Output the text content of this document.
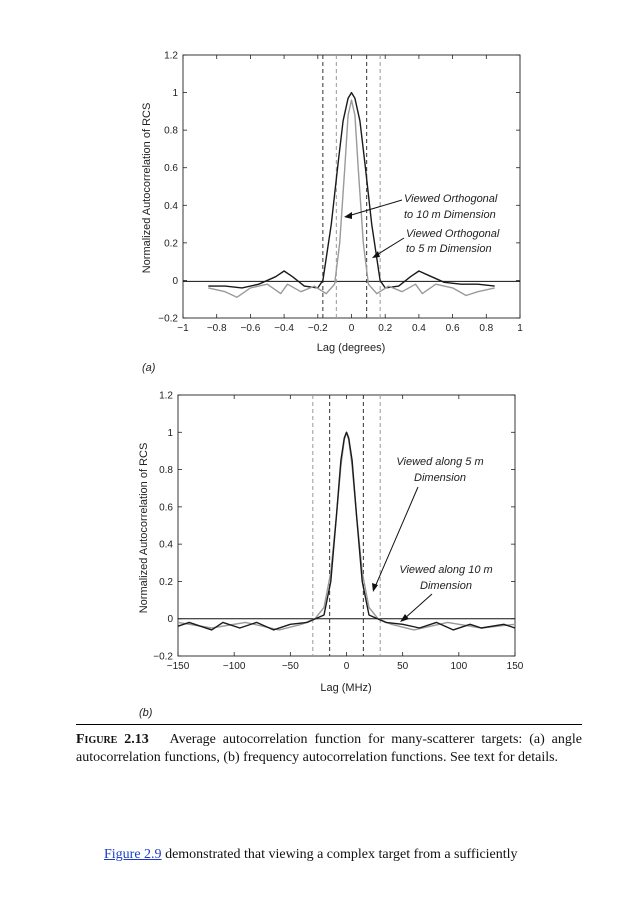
−1 −0.8 −0.6 −0.4 −0.2 0 0.2 0.4 0.6 0.8 1
−0.2
0
0.2
0.4
0.6
0.8
1
1.2
Lag (degrees)
Normalized Autocorrelation of RCS
(a)
Viewed Orthogonal
to 10 m Dimension
Viewed Orthogonal
to 5 m Dimension
−150	−100	−50	0	50	100	150
−0.2
0
0.2
0.4
0.6
0.8
1
1.2
Lag (MHz)
Normalized Autocorrelation of RCS
(b)
Viewed along 5 m
Dimension
Viewed along 10 m
Dimension
Figure 2.13 Average autocorrelation function for many-scatterer targets: (a) angle autocorrelation functions, (b) frequency autocorrelation functions. See text for details.
Figure 2.9 demonstrated that viewing a complex target from a sufficiently
